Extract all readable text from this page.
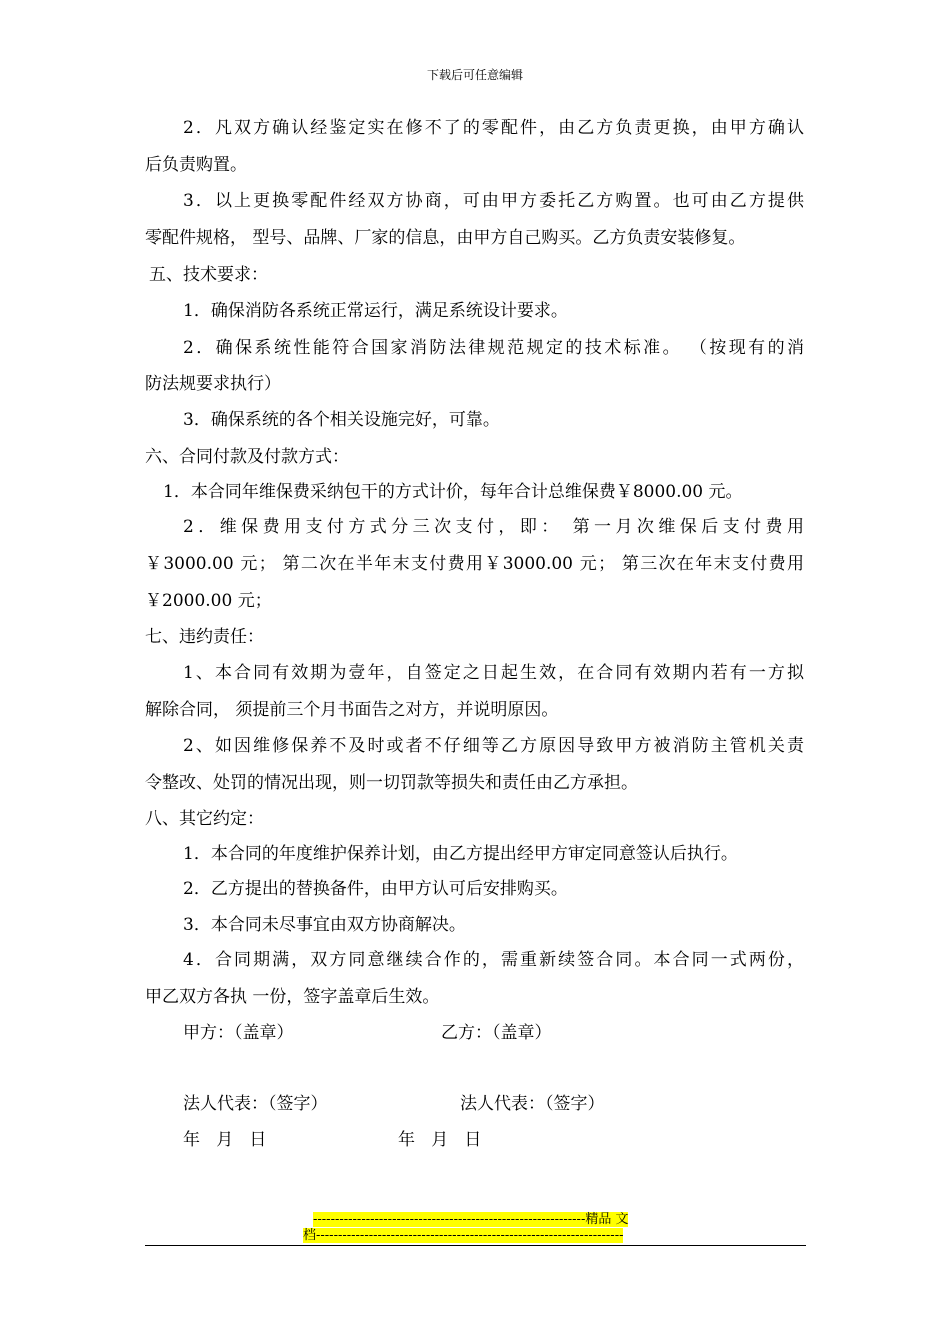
下载后可任意编辑
2．凡双方确认经鉴定实在修不了的零配件，由乙方负责更换，由甲方确认
后负责购置。
3．以上更换零配件经双方协商，可由甲方委托乙方购置。也可由乙方提供
零配件规格， 型号、品牌、厂家的信息，由甲方自己购买。乙方负责安装修复。
五、技术要求：
1．确保消防各系统正常运行，满足系统设计要求。
2．确保系统性能符合国家消防法律规范规定的技术标准。 （按现有的消
防法规要求执行）
3．确保系统的各个相关设施完好，可靠。
六、合同付款及付款方式：
1．本合同年维保费采纳包干的方式计价，每年合计总维保费￥8000.00 元。
2．维保费用支付方式分三次支付，即： 第一月次维保后支付费用
￥3000.00 元； 第二次在半年末支付费用￥3000.00 元； 第三次在年末支付费用
￥2000.00 元；
七、违约责任：
1、本合同有效期为壹年，自签定之日起生效，在合同有效期内若有一方拟
解除合同， 须提前三个月书面告之对方，并说明原因。
2、如因维修保养不及时或者不仔细等乙方原因导致甲方被消防主管机关责
令整改、处罚的情况出现，则一切罚款等损失和责任由乙方承担。
八、其它约定：
1．本合同的年度维护保养计划，由乙方提出经甲方审定同意签认后执行。
2．乙方提出的替换备件，由甲方认可后安排购买。
3．本合同未尽事宜由双方协商解决。
4．合同期满，双方同意继续合作的，需重新续签合同。本合同一式两份，
甲乙双方各执 一份，签字盖章后生效。
甲方：（盖章）	乙方：（盖章）
法人代表：（签字）	法人代表：（签字）
年   月   日	年   月   日
--------------------------------------------------------------精品 文
档----------------------------------------------------------------------
